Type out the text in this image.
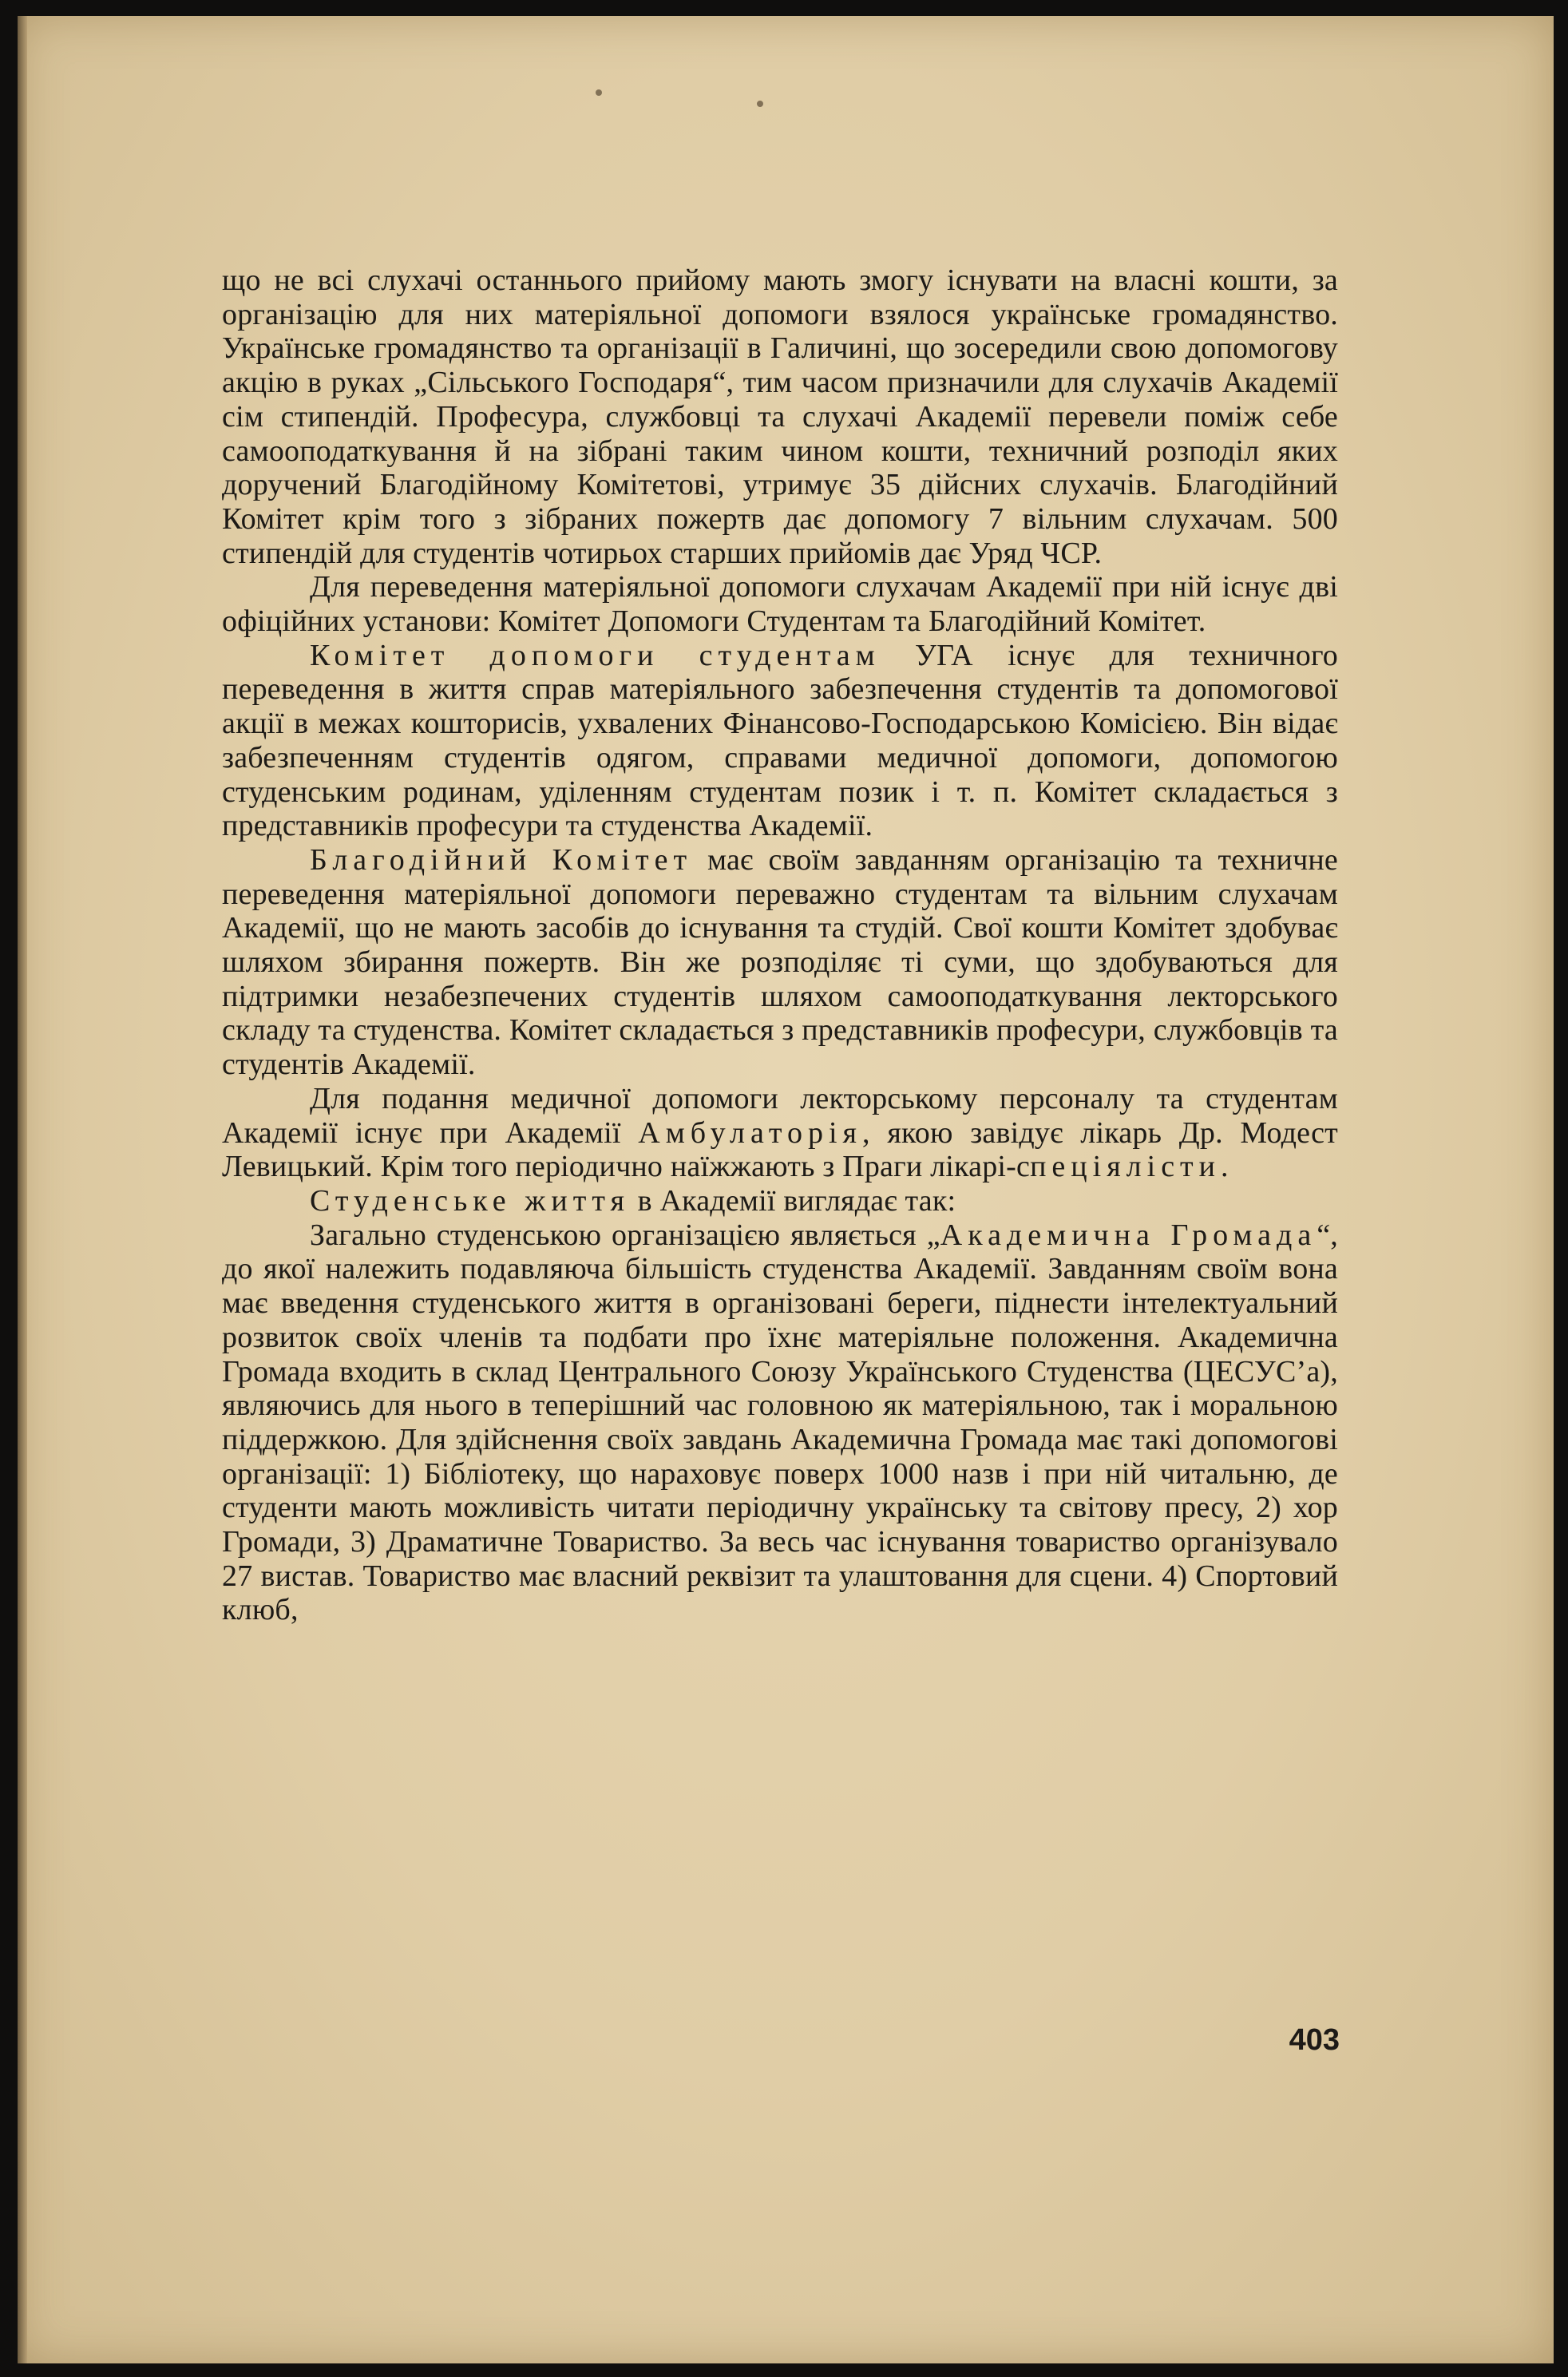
що не всі слухачі останнього прийому мають змогу існувати на власні кошти, за організацію для них матеріяльної допомоги взялося українське громадянство. Українське громадянство та організації в Галичині, що зосередили свою допомогову акцію в руках „Сільського Господаря“, тим часом призначили для слухачів Академії сім стипендій. Професура, службовці та слухачі Академії перевели поміж себе самооподаткування й на зібрані таким чином кошти, техничний розподіл яких доручений Благодійному Комітетові, утримує 35 дійсних слухачів. Благодійний Комітет крім того з зібраних пожертв дає допомогу 7 вільним слухачам. 500 стипендій для студентів чотирьох старших прийомів дає Уряд ЧСР.

Для переведення матеріяльної допомоги слухачам Академії при ній існує дві офіційних установи: Комітет Допомоги Студентам та Благодійний Комітет.

Комітет допомоги студентам УГА існує для техничного переведення в життя справ матеріяльного забезпечення студентів та допомогової акції в межах кошторисів, ухвалених Фінансово-Господарською Комісією. Він відає забезпеченням студентів одягом, справами медичної допомоги, допомогою студенським родинам, уділенням студентам позик і т. п. Комітет складається з представників професури та студенства Академії.

Благодійний Комітет має своїм завданням організацію та техничне переведення матеріяльної допомоги переважно студентам та вільним слухачам Академії, що не мають засобів до існування та студій. Свої кошти Комітет здобуває шляхом збирання пожертв. Він же розподіляє ті суми, що здобуваються для підтримки незабезпечених студентів шляхом самооподаткування лекторського складу та студенства. Комітет складається з представників професури, службовців та студентів Академії.

Для подання медичної допомоги лекторському персоналу та студентам Академії існує при Академії Амбулаторія, якою завідує лікарь Др. Модест Левицький. Крім того періодично наїжжають з Праги лікарі-спеціялісти.

Студенське життя в Академії виглядає так:

Загально студенською організацією являється „Академична Громада“, до якої належить подавляюча більшість студенства Академії. Завданням своїм вона має введення студенського життя в організовані береги, піднести інтелектуальний розвиток своїх членів та подбати про їхнє матеріяльне положення. Академична Громада входить в склад Центрального Союзу Українського Студенства (ЦЕСУС’а), являючись для нього в теперішний час головною як матеріяльною, так і моральною піддержкою. Для здійснення своїх завдань Академична Громада має такі допомогові організації: 1) Бібліотеку, що нараховує поверх 1000 назв і при ній читальню, де студенти мають можливість читати періодичну українську та світову пресу, 2) хор Громади, 3) Драматичне Товариство. За весь час існування товариство організувало 27 вистав. Товариство має власний реквізит та улаштовання для сцени. 4) Спортовий клюб,

403
